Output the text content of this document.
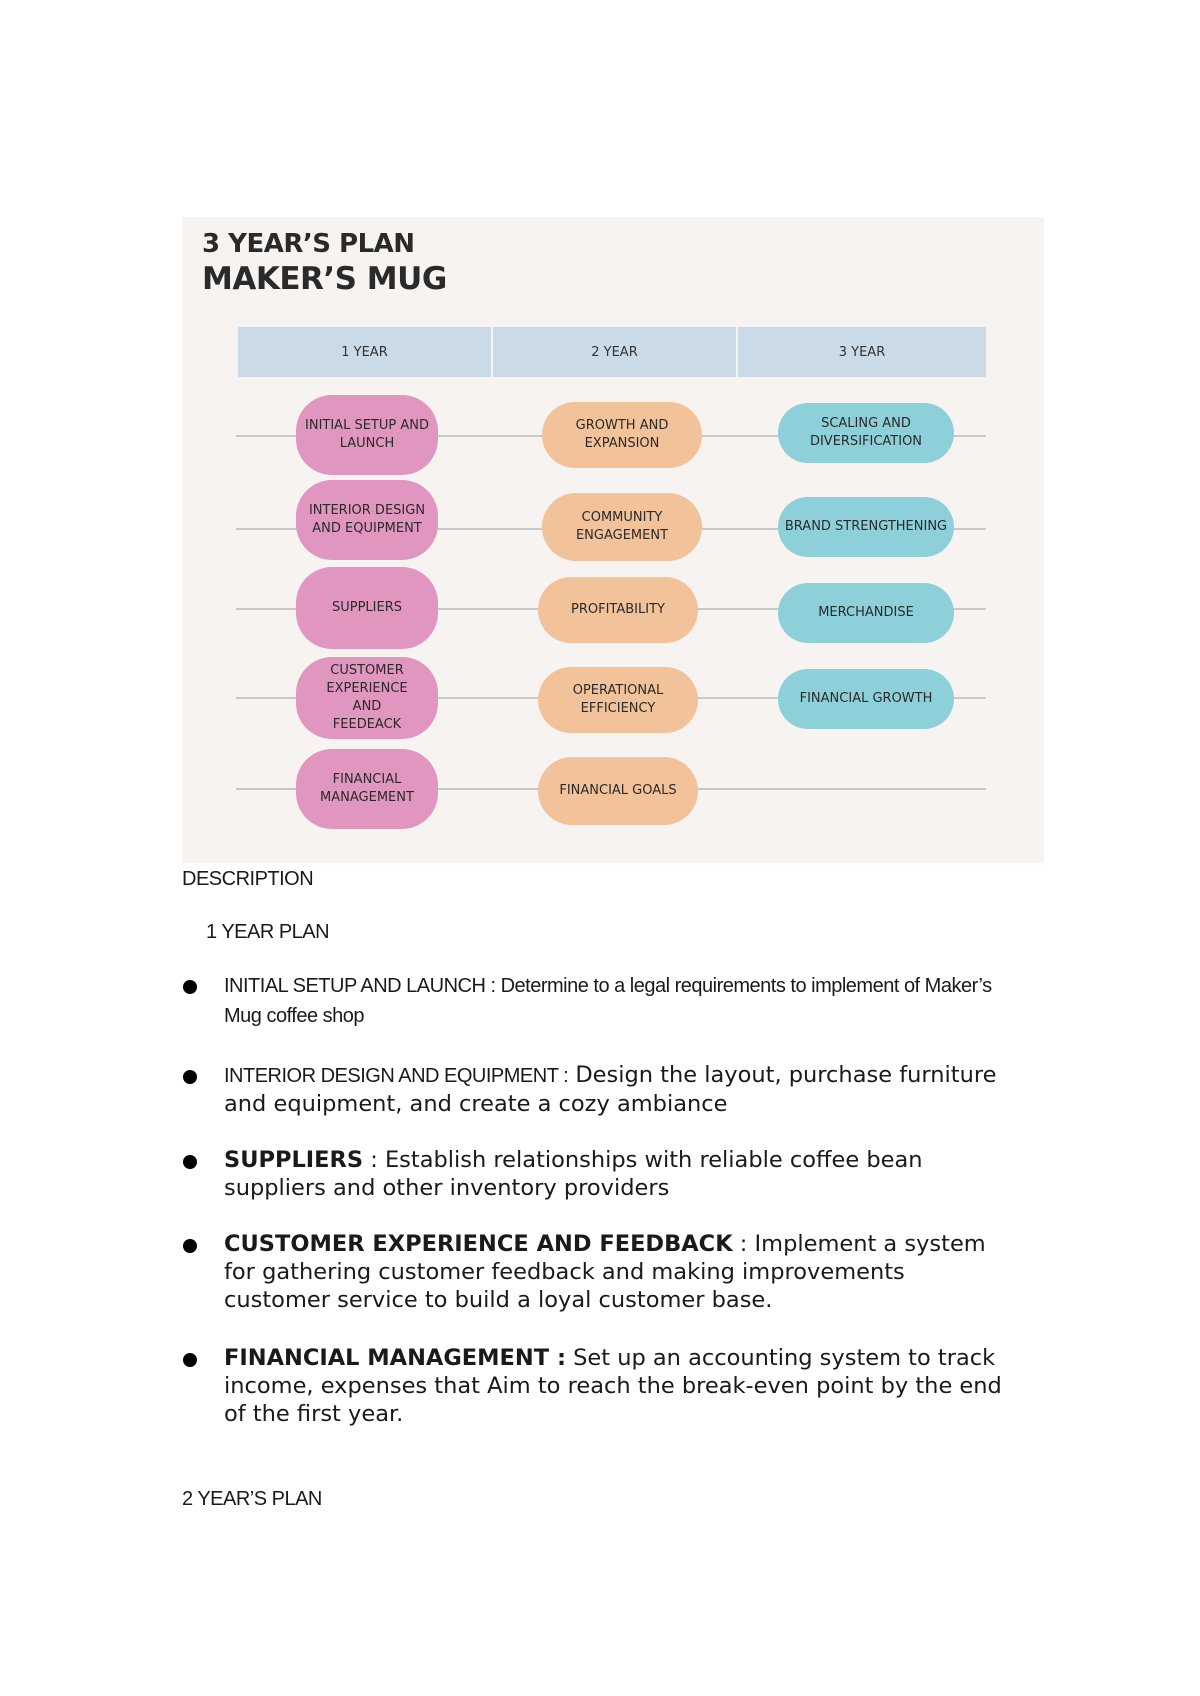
3 YEAR’S PLAN
MAKER’S MUG
1 YEAR	2 YEAR	3 YEAR
INITIAL SETUP AND LAUNCH
INTERIOR DESIGN AND EQUIPMENT
SUPPLIERS
CUSTOMER EXPERIENCE AND FEEDEACK
FINANCIAL MANAGEMENT
GROWTH AND EXPANSION
COMMUNITY ENGAGEMENT
PROFITABILITY
OPERATIONAL EFFICIENCY
FINANCIAL GOALS
SCALING AND DIVERSIFICATION
BRAND STRENGTHENING
MERCHANDISE
FINANCIAL GROWTH
DESCRIPTION
1 YEAR PLAN
INITIAL SETUP AND LAUNCH : Determine to a legal requirements to implement of Maker’s Mug coffee shop
INTERIOR DESIGN AND EQUIPMENT : Design the layout, purchase furniture and equipment, and create a cozy ambiance
SUPPLIERS : Establish relationships with reliable coffee bean suppliers and other inventory providers
CUSTOMER EXPERIENCE AND FEEDBACK : Implement a system for gathering customer feedback and making improvements customer service to build a loyal customer base.
FINANCIAL MANAGEMENT : Set up an accounting system to track income, expenses that Aim to reach the break-even point by the end of the first year.
2 YEAR’S PLAN
